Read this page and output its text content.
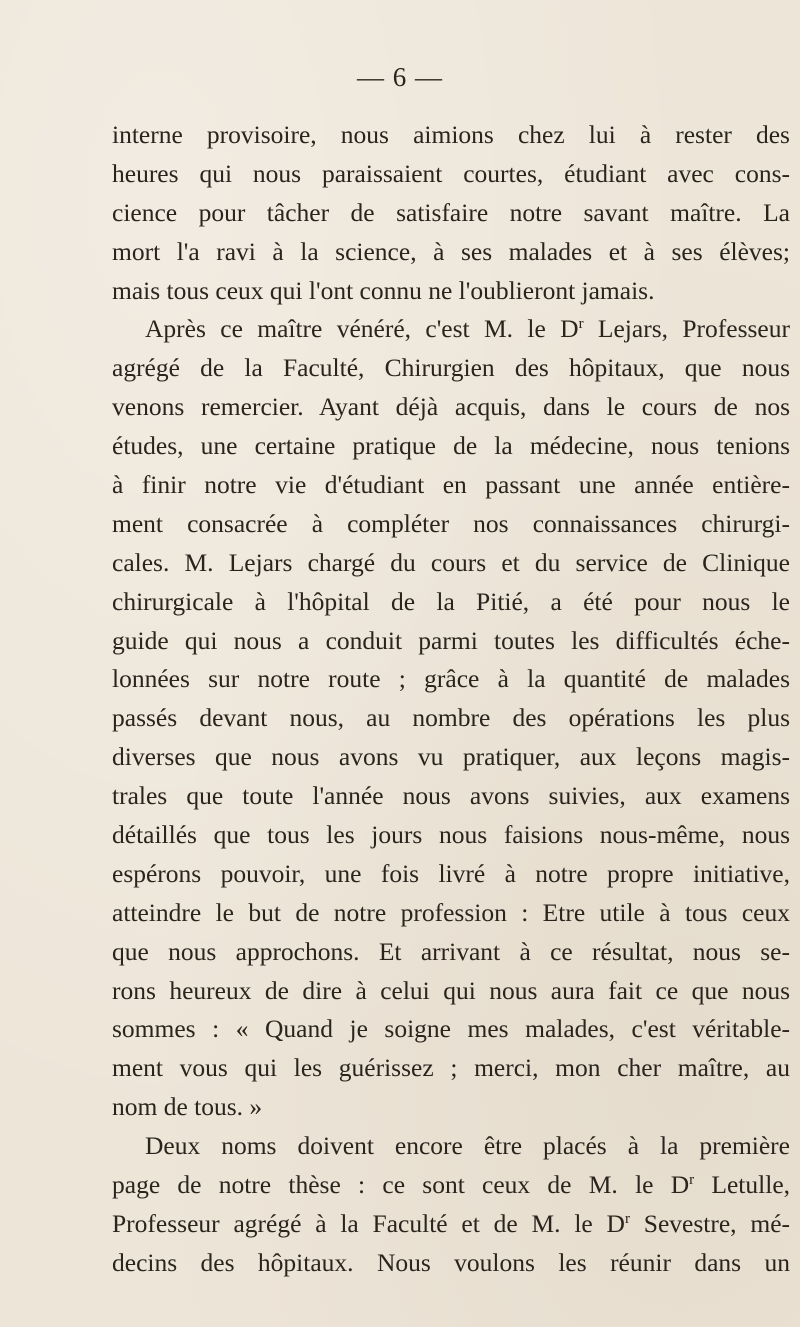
— 6 —
interne provisoire, nous aimions chez lui à rester des
heures qui nous paraissaient courtes, étudiant avec cons-
cience pour tâcher de satisfaire notre savant maître. La
mort l'a ravi à la science, à ses malades et à ses élèves;
mais tous ceux qui l'ont connu ne l'oublieront jamais.
Après ce maître vénéré, c'est M. le $D^r$ Lejars, Professeur
agrégé de la Faculté, Chirurgien des hôpitaux, que nous
venons remercier. Ayant déjà acquis, dans le cours de nos
études, une certaine pratique de la médecine, nous tenions
à finir notre vie d'étudiant en passant une année entière-
ment consacrée à compléter nos connaissances chirurgi-
cales. M. Lejars chargé du cours et du service de Clinique
chirurgicale à l'hôpital de la Pitié, a été pour nous le
guide qui nous a conduit parmi toutes les difficultés éche-
lonnées sur notre route ; grâce à la quantité de malades
passés devant nous, au nombre des opérations les plus
diverses que nous avons vu pratiquer, aux leçons magis-
trales que toute l'année nous avons suivies, aux examens
détaillés que tous les jours nous faisions nous-même, nous
espérons pouvoir, une fois livré à notre propre initiative,
atteindre le but de notre profession : Etre utile à tous ceux
que nous approchons. Et arrivant à ce résultat, nous se-
rons heureux de dire à celui qui nous aura fait ce que nous
sommes : « Quand je soigne mes malades, c'est véritable-
ment vous qui les guérissez ; merci, mon cher maître, au
nom de tous. »
Deux noms doivent encore être placés à la première
page de notre thèse : ce sont ceux de M. le $D^r$ Letulle,
Professeur agrégé à la Faculté et de M. le $D^r$ Sevestre, mé-
decins des hôpitaux. Nous voulons les réunir dans un
